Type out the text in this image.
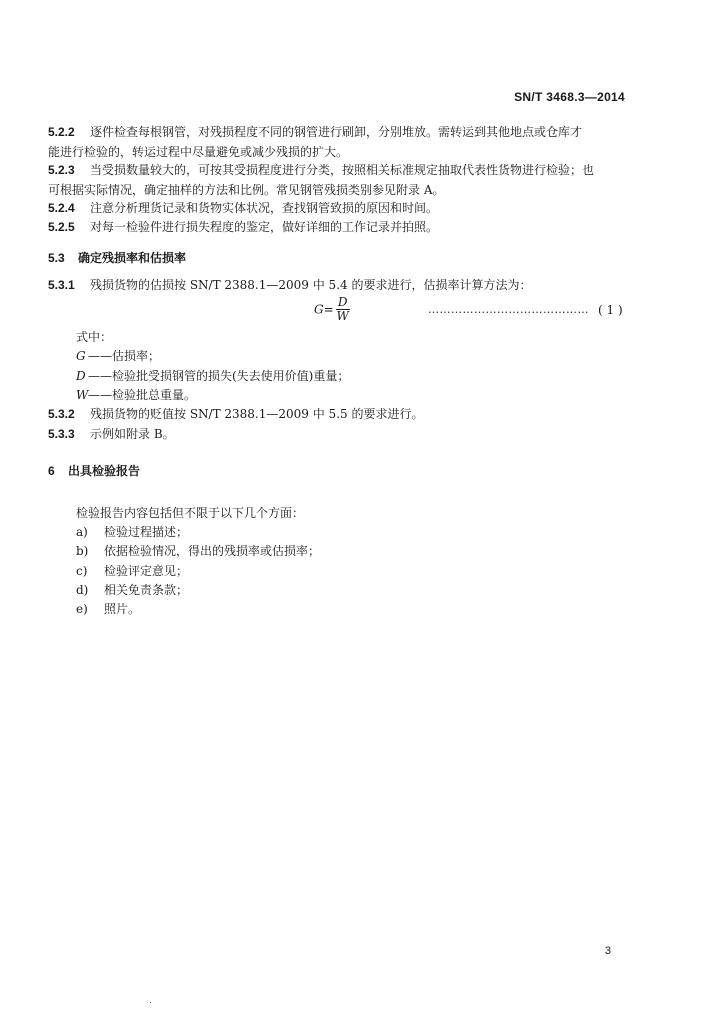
SN/T 3468.3—2014
5.2.2 逐件检查每根钢管，对残损程度不同的钢管进行刷卸，分别堆放。需转运到其他地点或仓库才
能进行检验的，转运过程中尽量避免或减少残损的扩大。
5.2.3 当受损数量较大的，可按其受损程度进行分类，按照相关标准规定抽取代表性货物进行检验；也
可根据实际情况，确定抽样的方法和比例。常见钢管残损类别参见附录 A。
5.2.4 注意分析理货记录和货物实体状况，查找钢管致损的原因和时间。
5.2.5 对每一检验件进行损失程度的鉴定，做好详细的工作记录并拍照。
5.3 确定残损率和估损率
5.3.1 残损货物的估损按 SN/T 2388.1—2009 中 5.4 的要求进行，估损率计算方法为：
$G= \frac{D}{W}$	…………………………………… ( 1 )
式中：
G ——估损率；
D ——检验批受损钢管的损失(失去使用价值)重量；
W——检验批总重量。
5.3.2 残损货物的贬值按 SN/T 2388.1—2009 中 5.5 的要求进行。
5.3.3 示例如附录 B。
6 出具检验报告
检验报告内容包括但不限于以下几个方面：
a) 检验过程描述；
b) 依据检验情况，得出的残损率或估损率；
c) 检验评定意见；
d) 相关免责条款；
e) 照片。
3
